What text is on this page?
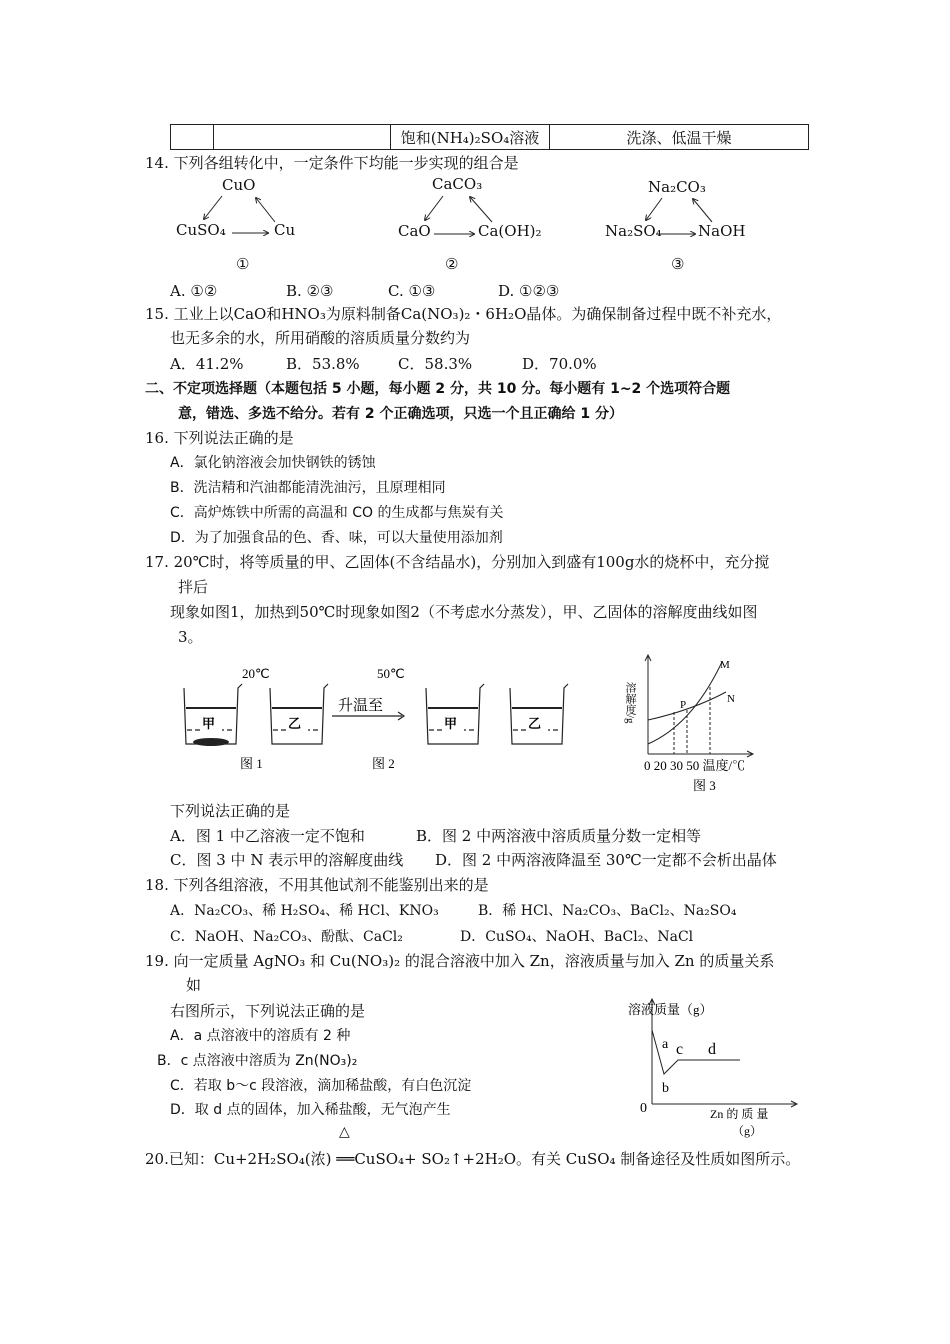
		饱和(NH₄)₂SO₄溶液	洗涤、低温干燥
14. 下列各组转化中，一定条件下均能一步实现的组合是
CuO
CuSO₄	Cu
①
CaCO₃
CaO	Ca(OH)₂
②
Na₂CO₃
Na₂SO₄ NaOH
③
A. ①②	B. ②③	C. ①③	D. ①②③
15. 工业上以CaO和HNO₃为原料制备Ca(NO₃)₂・6H₂O晶体。为确保制备过程中既不补充水，
也无多余的水，所用硝酸的溶质质量分数约为
A．41.2%	B．53.8%	C．58.3%	D．70.0%
二、不定项选择题（本题包括 5 小题，每小题 2 分，共 10 分。每小题有 1~2 个选项符合题
意，错选、多选不给分。若有 2 个正确选项，只选一个且正确给 1 分）
16. 下列说法正确的是
A．氯化钠溶液会加快钢铁的锈蚀
B．洗洁精和汽油都能清洗油污，且原理相同
C．高炉炼铁中所需的高温和 CO 的生成都与焦炭有关
D．为了加强食品的色、香、味，可以大量使用添加剂
17. 20℃时，将等质量的甲、乙固体(不含结晶水)，分别加入到盛有100g水的烧杯中，充分搅
拌后
现象如图1，加热到50℃时现象如图2（不考虑水分蒸发），甲、乙固体的溶解度曲线如图
3。
20℃	50℃
甲	乙	甲	乙
升温至
图 1	图 2
溶解度/g
M
N
P
0 20 30 50 温度/℃
图 3
下列说法正确的是
A．图 1 中乙溶液一定不饱和	B．图 2 中两溶液中溶质质量分数一定相等
C．图 3 中 N 表示甲的溶解度曲线 D．图 2 中两溶液降温至 30℃一定都不会析出晶体
18. 下列各组溶液，不用其他试剂不能鉴别出来的是
A．Na₂CO₃、稀 H₂SO₄、稀 HCl、KNO₃	B．稀 HCl、Na₂CO₃、BaCl₂、Na₂SO₄
C．NaOH、Na₂CO₃、酚酞、CaCl₂	D．CuSO₄、NaOH、BaCl₂、NaCl
19. 向一定质量 AgNO₃ 和 Cu(NO₃)₂ 的混合溶液中加入 Zn，溶液质量与加入 Zn 的质量关系
如
右图所示，下列说法正确的是
A．a 点溶液中的溶质有 2 种
B．c 点溶液中溶质为 Zn(NO₃)₂
C．若取 b～c 段溶液，滴加稀盐酸，有白色沉淀
D．取 d 点的固体，加入稀盐酸，无气泡产生
溶液质量（g）
a
b
c d
0	Zn 的 质 量
（g）
△
20.已知：Cu+2H₂SO₄(浓) ══CuSO₄+ SO₂↑+2H₂O。有关 CuSO₄ 制备途径及性质如图所示。
